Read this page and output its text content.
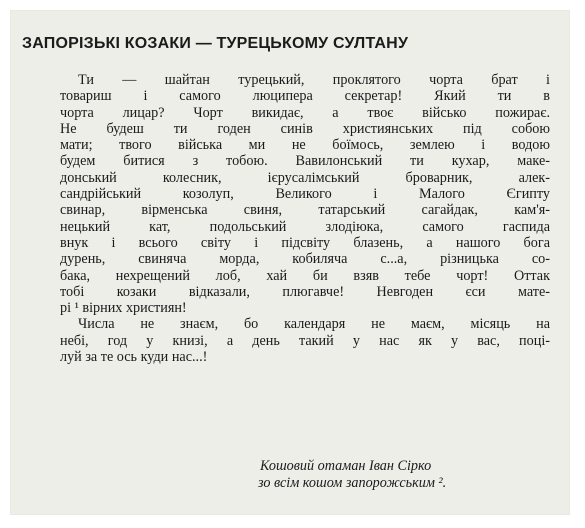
ЗАПОРІЗЬКІ КОЗАКИ — ТУРЕЦЬКОМУ СУЛТАНУ
Ти — шайтан турецький, проклятого чорта брат і
товариш і самого люципера секретар! Який ти в
чорта лицар? Чорт викидає, а твоє військо пожирає.
Не будеш ти годен синів християнських під собою
мати; твого війська ми не боїмось, землею і водою
будем битися з тобою. Вавилонський ти кухар, маке-
донський колесник, ієрусалімський броварник, алек-
сандрійський козолуп, Великого і Малого Єгипту
свинар, вірменська свиня, татарський сагайдак, кам'я-
нецький кат, подольський злодіюка, самого гаспида
внук і всього світу і підсвіту блазень, а нашого бога
дурень, свиняча морда, кобиляча с...а, різницька со-
бака, нехрещений лоб, хай би взяв тебе чорт! Оттак
тобі козаки відказали, плюгавче! Невгоден єси мате-
рі ¹ вірних християн!
Числа не знаєм, бо календаря не маєм, місяць на
небі, год у книзі, а день такий у нас як у вас, поці-
луй за те ось куди нас...!
Кошовий отаман Іван Сірко
зо всім кошом запорожським ².
